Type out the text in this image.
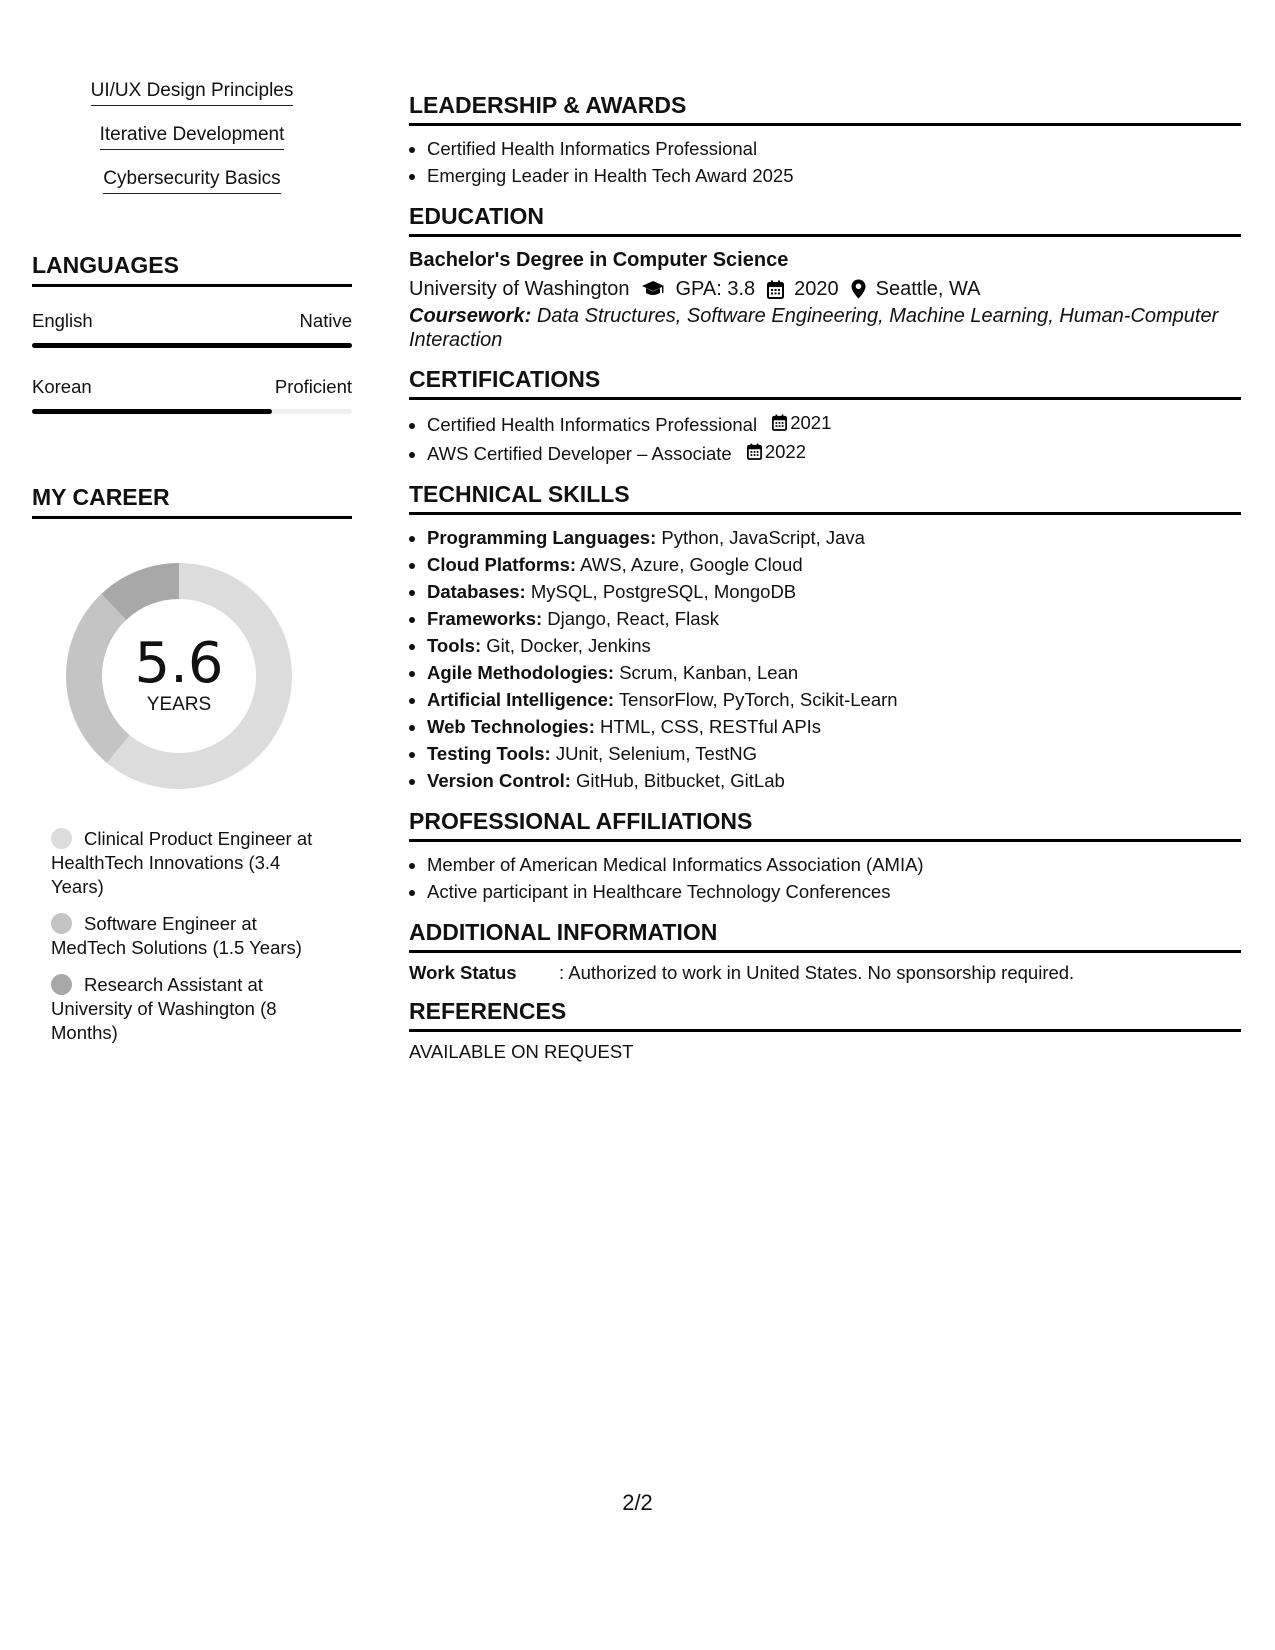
UI/UX Design Principles
Iterative Development
Cybersecurity Basics
LANGUAGES
English	Native
Korean	Proficient
MY CAREER
5.6
YEARS
Clinical Product Engineer at HealthTech Innovations (3.4 Years)
Software Engineer at MedTech Solutions (1.5 Years)
Research Assistant at University of Washington (8 Months)
LEADERSHIP & AWARDS
• Certified Health Informatics Professional
• Emerging Leader in Health Tech Award 2025
EDUCATION
Bachelor's Degree in Computer Science
University of Washington GPA: 3.8 2020 Seattle, WA
Coursework: Data Structures, Software Engineering, Machine Learning, Human-Computer Interaction
CERTIFICATIONS
• Certified Health Informatics Professional 2021
• AWS Certified Developer – Associate 2022
TECHNICAL SKILLS
• Programming Languages: Python, JavaScript, Java
• Cloud Platforms: AWS, Azure, Google Cloud
• Databases: MySQL, PostgreSQL, MongoDB
• Frameworks: Django, React, Flask
• Tools: Git, Docker, Jenkins
• Agile Methodologies: Scrum, Kanban, Lean
• Artificial Intelligence: TensorFlow, PyTorch, Scikit-Learn
• Web Technologies: HTML, CSS, RESTful APIs
• Testing Tools: JUnit, Selenium, TestNG
• Version Control: GitHub, Bitbucket, GitLab
PROFESSIONAL AFFILIATIONS
• Member of American Medical Informatics Association (AMIA)
• Active participant in Healthcare Technology Conferences
ADDITIONAL INFORMATION
Work Status	: Authorized to work in United States. No sponsorship required.
REFERENCES
AVAILABLE ON REQUEST
2/2
